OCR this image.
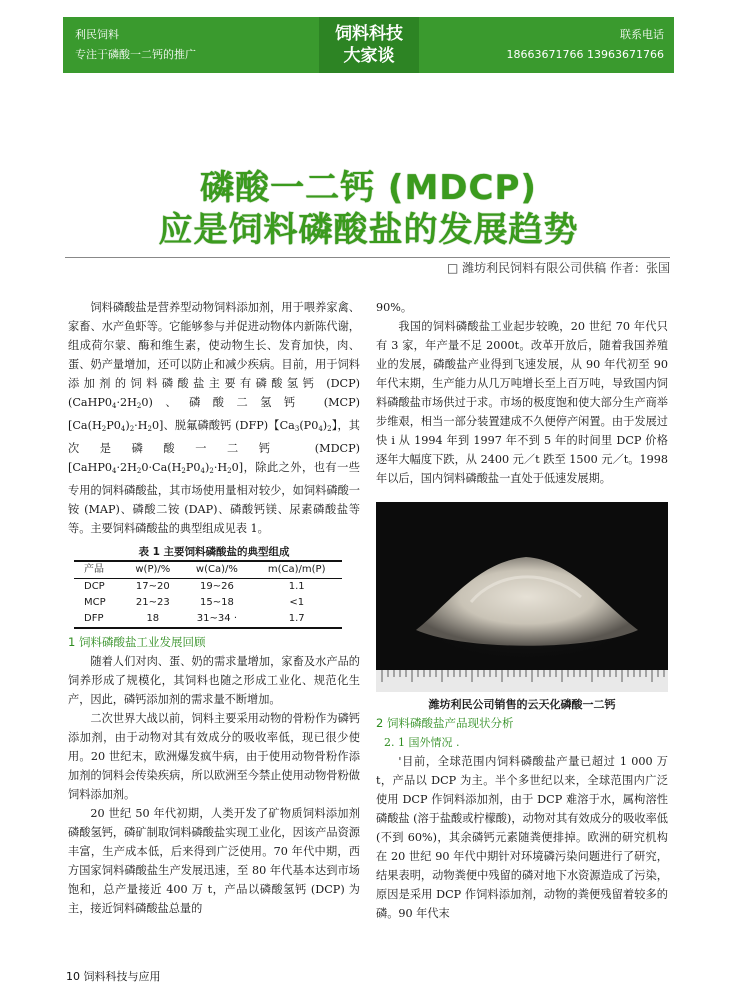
利民饲料
专注于磷酸一二钙的推广
饲料科技
大家谈
联系电话
18663671766 13963671766
磷酸一二钙 (MDCP)
应是饲料磷酸盐的发展趋势
□ 潍坊利民饲料有限公司供稿 作者：张国

饲料磷酸盐是营养型动物饲料添加剂，用于喂养家禽、家畜、水产鱼虾等。它能够参与并促进动物体内新陈代谢，组成荷尔蒙、酶和维生素，使动物生长、发育加快，肉、蛋、奶产量增加，还可以防止和减少疾病。目前，用于饲料添加剂的饲料磷酸盐主要有磷酸氢钙 $(DCP)(CaHP0_4\cdot 2H_20)$、磷酸二氢钙 $(MCP)[Ca(H_2P0_4)_2\cdot H_20]$、脱氟磷酸钙 (DFP)【$Ca_3(P0_4)_2$】，其次是磷酸一二钙 (MDCP) $[CaHP0_4\cdot 2H_20\cdot Ca(H_2P0_4)_2\cdot H_20]$，除此之外，也有一些专用的饲料磷酸盐，其市场使用量相对较少，如饲料磷酸一铵 (MAP)、磷酸二铵 (DAP)、磷酸钙镁、尿素磷酸盐等等。主要饲料磷酸盐的典型组成见表 1。

表 1 主要饲料磷酸盐的典型组成
产品	w(P)/%	w(Ca)/%	m(Ca)/m(P)
DCP	17~20	19~26	1.1
MCP	21~23	15~18	<1
DFP	18	31~34 ·	1.7
1 饲料磷酸盐工业发展回顾

随着人们对肉、蛋、奶的需求量增加，家畜及水产品的饲养形成了规模化，其饲料也随之形成工业化、规范化生产，因此，磷钙添加剂的需求量不断增加。

二次世界大战以前，饲料主要采用动物的骨粉作为磷钙添加剂，由于动物对其有效成分的吸收率低，现已很少使用。20 世纪末，欧洲爆发疯牛病，由于使用动物骨粉作添加剂的饲料会传染疾病，所以欧洲至今禁止使用动物骨粉做饲料添加剂。

20 世纪 50 年代初期，人类开发了矿物质饲料添加剂磷酸氢钙，磷矿制取饲料磷酸盐实现工业化，因该产品资源丰富，生产成本低，后来得到广泛使用。70 年代中期，西方国家饲料磷酸盐生产发展迅速，至 80 年代基本达到市场饱和，总产量接近 400 万 t，产品以磷酸氢钙 (DCP) 为主，接近饲料磷酸盐总量的

90%。

我国的饲料磷酸盐工业起步较晚，20 世纪 70 年代只有 3 家，年产量不足 2000t。改革开放后，随着我国养殖业的发展，磷酸盐产业得到飞速发展，从 90 年代初至 90 年代末期，生产能力从几万吨增长至上百万吨，导致国内饲料磷酸盐市场供过于求。市场的极度饱和使大部分生产商举步维艰，相当一部分装置建成不久便停产闲置。由于发展过快 i 从 1994 年到 1997 年不到 5 年的时间里 DCP 价格逐年大幅度下跌，从 2400 元／t 跌至 1500 元／t。1998 年以后，国内饲料磷酸盐一直处于低速发展期。

潍坊利民公司销售的云天化磷酸一二钙
2 饲料磷酸盐产品现状分析
2. 1 国外情况 .

'目前，全球范围内饲料磷酸盐产量已超过 1 000 万 t，产品以 DCP 为主。半个多世纪以来，全球范围内广泛使用 DCP 作饲料添加剂，由于 DCP 难溶于水，属枸溶性磷酸盐 (溶于盐酸或柠檬酸)，动物对其有效成分的吸收率低 (不到 60%)，其余磷钙元素随粪便排掉。欧洲的研究机构在 20 世纪 90 年代中期针对环境磷污染问题进行了研究，结果表明，动物粪便中残留的磷对地下水资源造成了污染，原因是采用 DCP 作饲料添加剂，动物的粪便残留着较多的磷。90 年代末

10 饲料科技与应用
